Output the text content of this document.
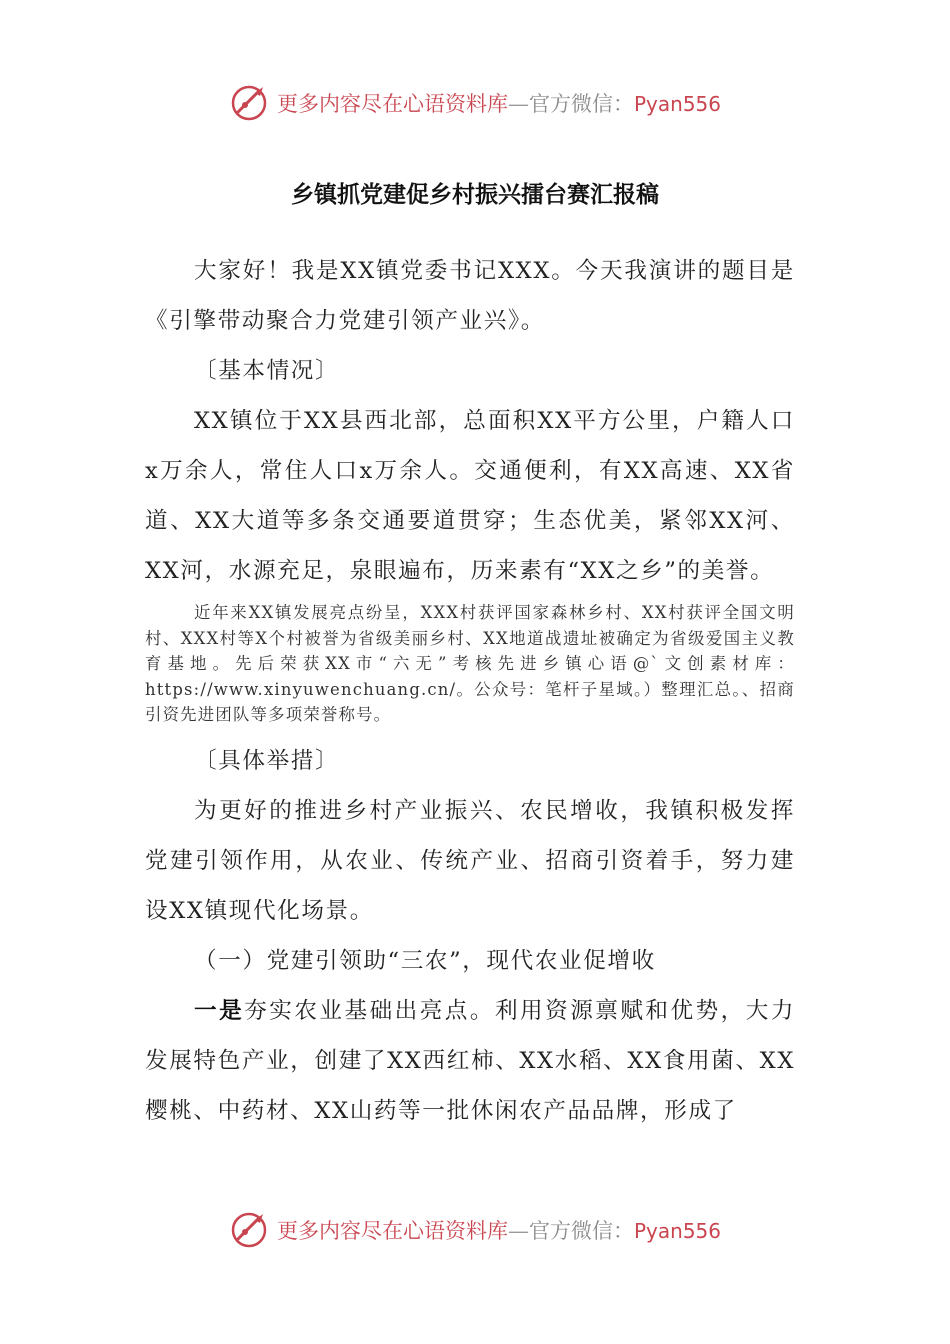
更多内容尽在心语资料库—官方微信：Pyan556
乡镇抓党建促乡村振兴擂台赛汇报稿

大家好！我是XX镇党委书记XXX。今天我演讲的题目是《引擎带动聚合力党建引领产业兴》。

〔基本情况〕

XX镇位于XX县西北部，总面积XX平方公里，户籍人口x万余人，常住人口x万余人。交通便利，有XX高速、XX省道、XX大道等多条交通要道贯穿；生态优美，紧邻XX河、XX河，水源充足，泉眼遍布，历来素有“XX之乡”的美誉。

近年来XX镇发展亮点纷呈，XXX村获评国家森林乡村、XX村获评全国文明村、XXX村等X个村被誉为省级美丽乡村、XX地道战遗址被确定为省级爱国主义教育基地。先后荣获XX市“六无”考核先进乡镇心语@`文创素材库：https://www.xinyuwenchuang.cn/。公众号：笔杆子星域。）整理汇总。、招商引资先进团队等多项荣誉称号。

〔具体举措〕

为更好的推进乡村产业振兴、农民增收，我镇积极发挥党建引领作用，从农业、传统产业、招商引资着手，努力建设XX镇现代化场景。

（一）党建引领助“三农”，现代农业促增收

一是夯实农业基础出亮点。利用资源禀赋和优势，大力发展特色产业，创建了XX西红柿、XX水稻、XX食用菌、XX樱桃、中药材、XX山药等一批休闲农产品品牌，形成了

更多内容尽在心语资料库—官方微信：Pyan556
